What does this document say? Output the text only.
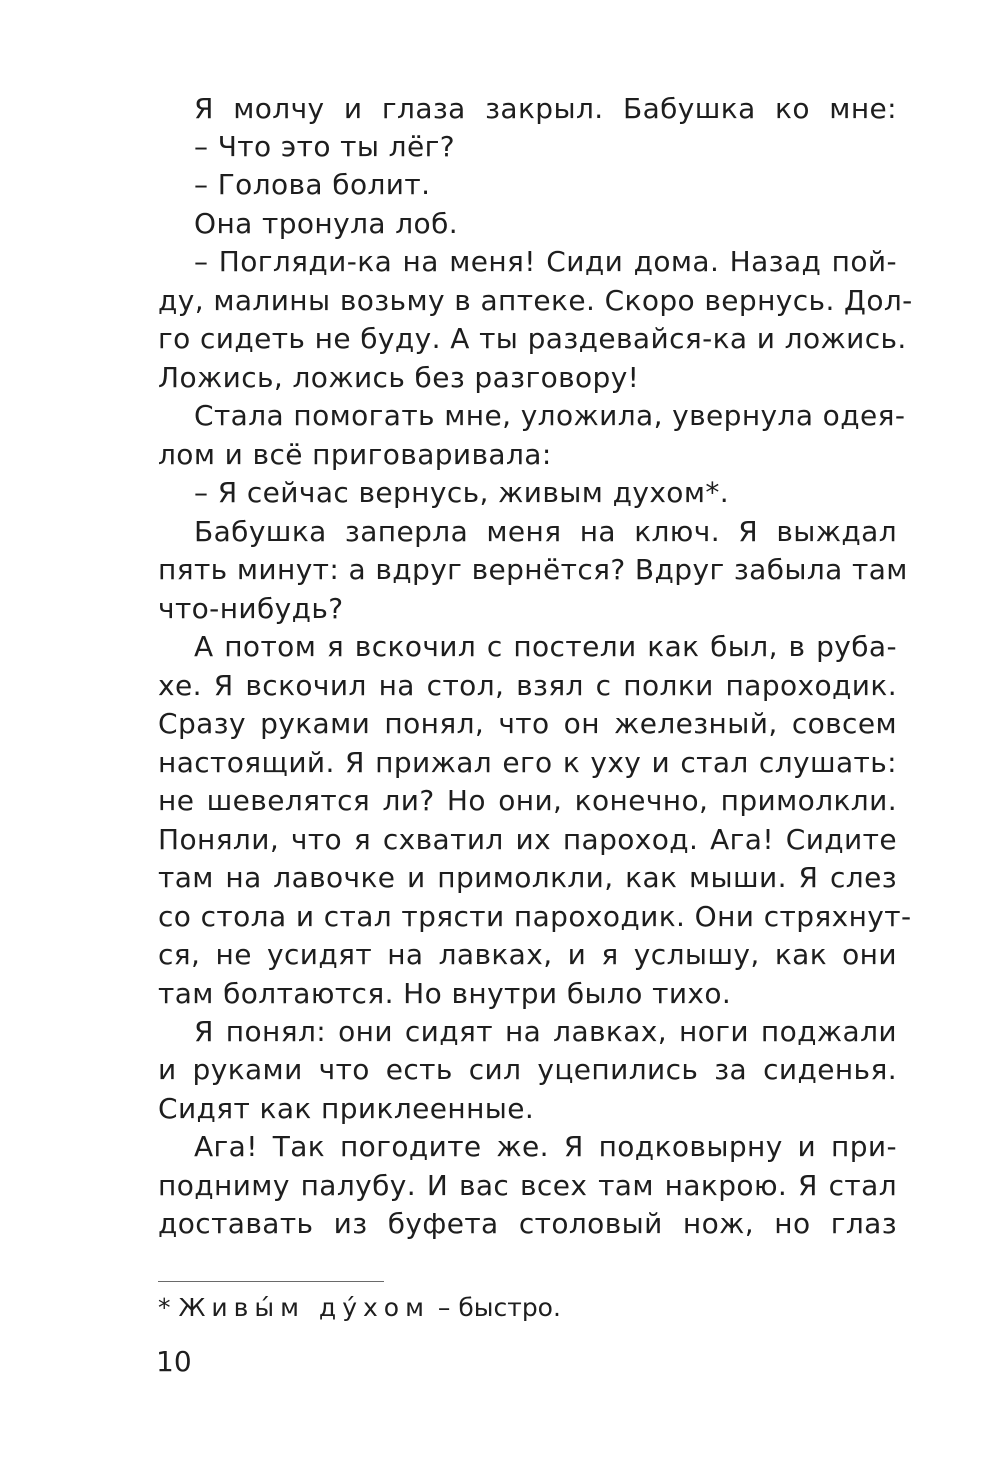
Я молчу и глаза закрыл. Бабушка ко мне:
– Что это ты лёг?
– Голова болит.
Она тронула лоб.
– Погляди-ка на меня! Сиди дома. Назад пой-
ду, малины возьму в аптеке. Скоро вернусь. Дол-
го сидеть не буду. А ты раздевайся-ка и ложись.
Ложись, ложись без разговору!
Стала помогать мне, уложила, увернула одея-
лом и всё приговаривала:
– Я сейчас вернусь, живым духом*.
Бабушка заперла меня на ключ. Я выждал
пять минут: а вдруг вернётся? Вдруг забыла там
что-нибудь?
А потом я вскочил с постели как был, в руба-
хе. Я вскочил на стол, взял с полки пароходик.
Сразу руками понял, что он железный, совсем
настоящий. Я прижал его к уху и стал слушать:
не шевелятся ли? Но они, конечно, примолкли.
Поняли, что я схватил их пароход. Ага! Сидите
там на лавочке и примолкли, как мыши. Я слез
со стола и стал трясти пароходик. Они стряхнут-
ся, не усидят на лавках, и я услышу, как они
там болтаются. Но внутри было тихо.
Я понял: они сидят на лавках, ноги поджали
и руками что есть сил уцепились за сиденья.
Сидят как приклеенные.
Ага! Так погодите же. Я подковырну и при-
подниму палубу. И вас всех там накрою. Я стал
доставать из буфета столовый нож, но глаз
* Живы́м ду́хом – быстро.
10
